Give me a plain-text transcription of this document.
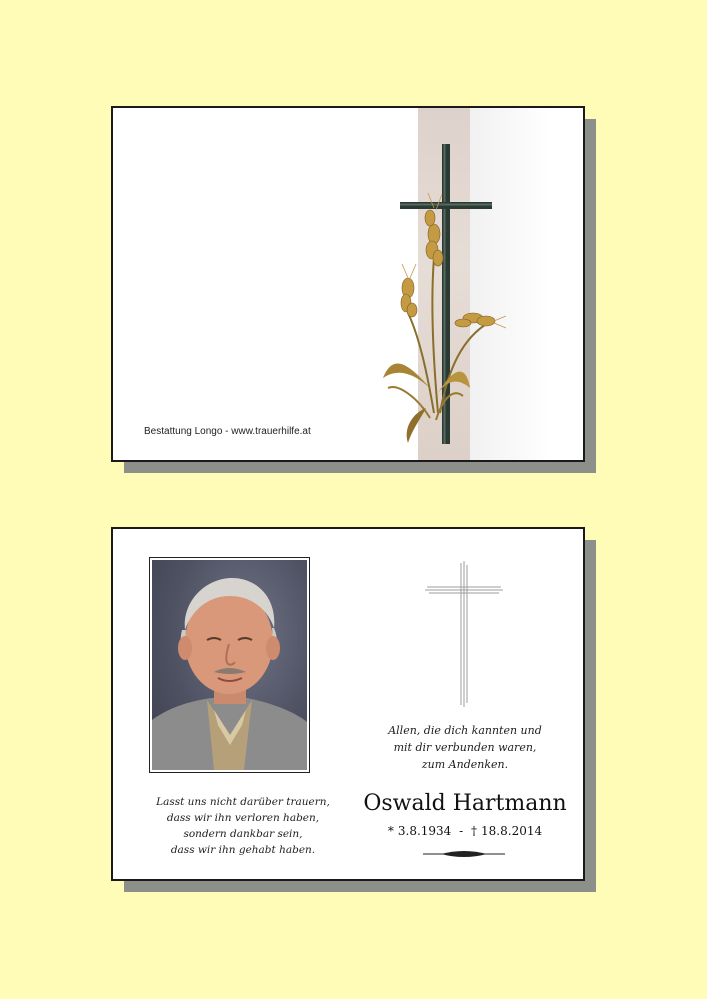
Bestattung Longo - www.trauerhilfe.at
Lasst uns nicht darüber trauern,
dass wir ihn verloren haben,
sondern dankbar sein,
dass wir ihn gehabt haben.
Allen, die dich kannten und
mit dir verbunden waren,
zum Andenken.
Oswald Hartmann
* 3.8.1934 - † 18.8.2014
